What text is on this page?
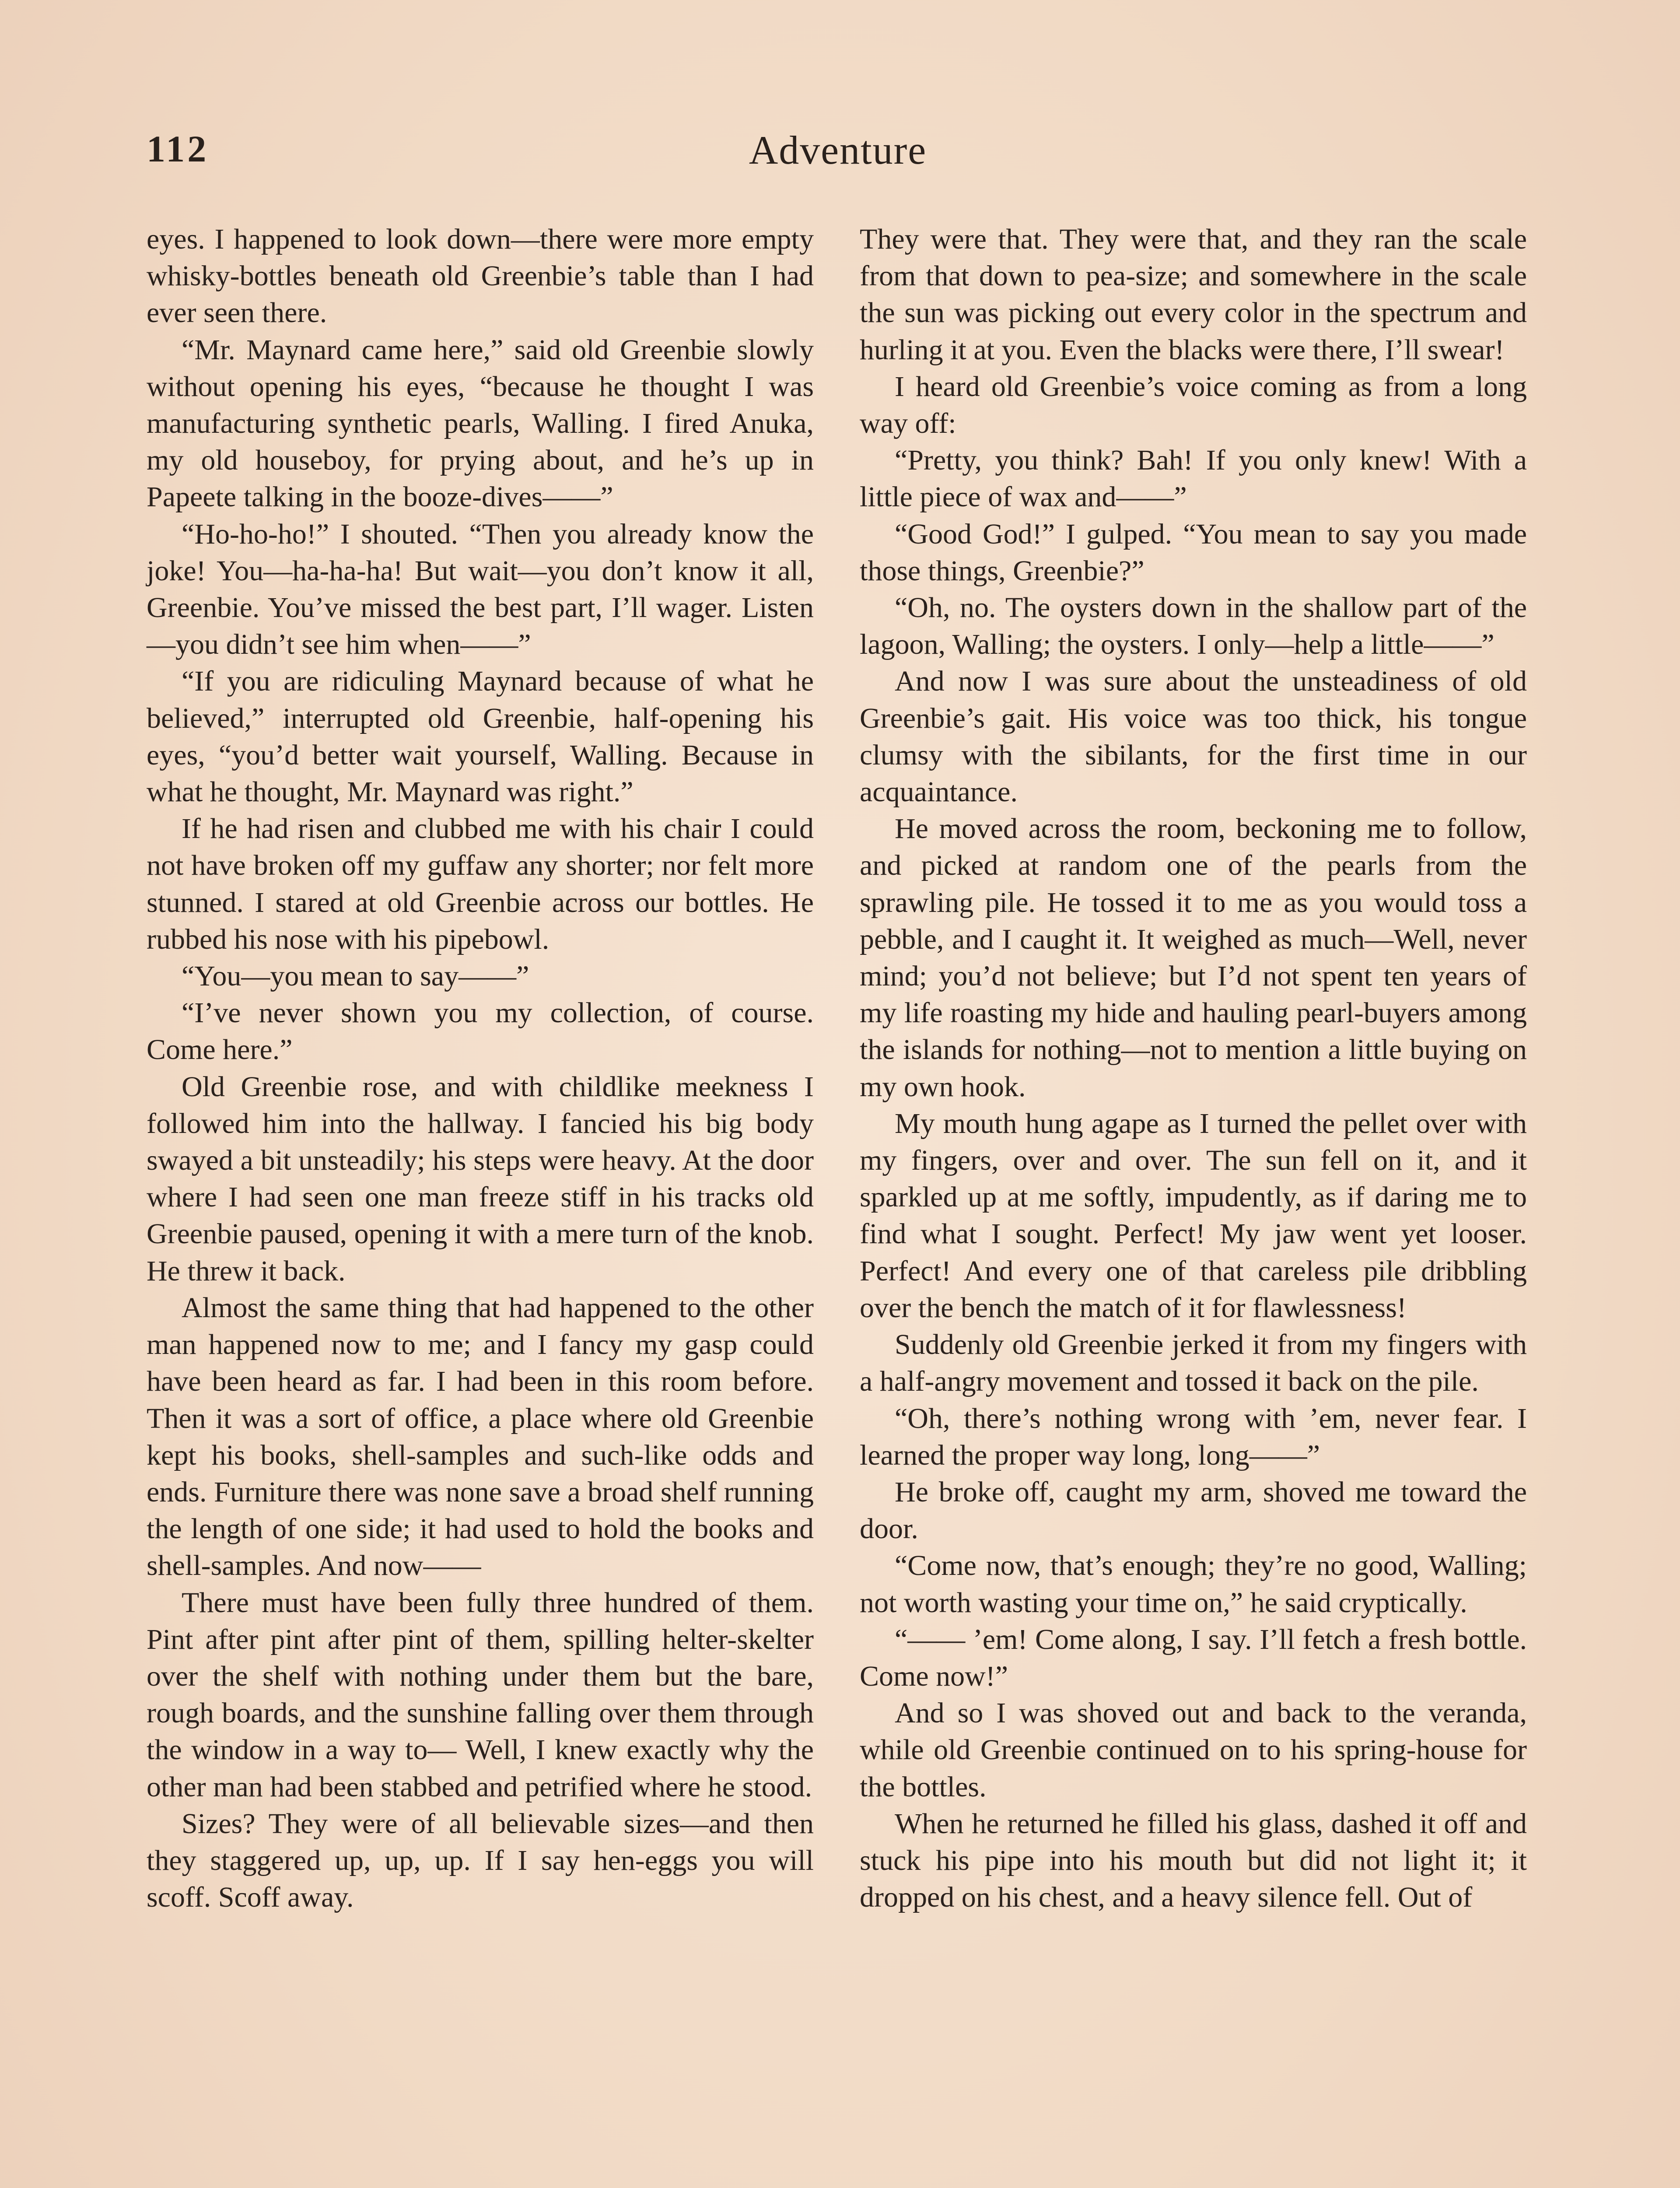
112	Adventure

eyes. I happened to look down—there were more empty whisky-bottles beneath old Greenbie’s table than I had ever seen there.

“Mr. Maynard came here,” said old Greenbie slowly without opening his eyes, “because he thought I was manufacturing synthetic pearls, Walling. I fired Anuka, my old houseboy, for prying about, and he’s up in Papeete talking in the booze-dives——”

“Ho-ho-ho!” I shouted. “Then you already know the joke! You—ha-ha-ha! But wait—you don’t know it all, Greenbie. You’ve missed the best part, I’ll wager. Listen—you didn’t see him when——”

“If you are ridiculing Maynard because of what he believed,” interrupted old Greenbie, half-opening his eyes, “you’d better wait yourself, Walling. Because in what he thought, Mr. Maynard was right.”

If he had risen and clubbed me with his chair I could not have broken off my guffaw any shorter; nor felt more stunned. I stared at old Greenbie across our bottles. He rubbed his nose with his pipebowl.

“You—you mean to say——”

“I’ve never shown you my collection, of course. Come here.”

Old Greenbie rose, and with childlike meekness I followed him into the hallway. I fancied his big body swayed a bit unsteadily; his steps were heavy. At the door where I had seen one man freeze stiff in his tracks old Greenbie paused, opening it with a mere turn of the knob. He threw it back.

Almost the same thing that had happened to the other man happened now to me; and I fancy my gasp could have been heard as far. I had been in this room before. Then it was a sort of office, a place where old Greenbie kept his books, shell-samples and such-like odds and ends. Furniture there was none save a broad shelf running the length of one side; it had used to hold the books and shell-samples. And now——

There must have been fully three hundred of them. Pint after pint after pint of them, spilling helter-skelter over the shelf with nothing under them but the bare, rough boards, and the sunshine falling over them through the window in a way to— Well, I knew exactly why the other man had been stabbed and petrified where he stood.

Sizes? They were of all believable sizes—and then they staggered up, up, up. If I say hen-eggs you will scoff. Scoff away.

They were that. They were that, and they ran the scale from that down to pea-size; and somewhere in the scale the sun was picking out every color in the spectrum and hurling it at you. Even the blacks were there, I’ll swear!

I heard old Greenbie’s voice coming as from a long way off:

“Pretty, you think? Bah! If you only knew! With a little piece of wax and——”

“Good God!” I gulped. “You mean to say you made those things, Greenbie?”

“Oh, no. The oysters down in the shallow part of the lagoon, Walling; the oysters. I only—help a little——”

And now I was sure about the unsteadiness of old Greenbie’s gait. His voice was too thick, his tongue clumsy with the sibilants, for the first time in our acquaintance.

He moved across the room, beckoning me to follow, and picked at random one of the pearls from the sprawling pile. He tossed it to me as you would toss a pebble, and I caught it. It weighed as much—Well, never mind; you’d not believe; but I’d not spent ten years of my life roasting my hide and hauling pearl-buyers among the islands for nothing—not to mention a little buying on my own hook.

My mouth hung agape as I turned the pellet over with my fingers, over and over. The sun fell on it, and it sparkled up at me softly, impudently, as if daring me to find what I sought. Perfect! My jaw went yet looser. Perfect! And every one of that careless pile dribbling over the bench the match of it for flawlessness!

Suddenly old Greenbie jerked it from my fingers with a half-angry movement and tossed it back on the pile.

“Oh, there’s nothing wrong with ’em, never fear. I learned the proper way long, long——”

He broke off, caught my arm, shoved me toward the door.

“Come now, that’s enough; they’re no good, Walling; not worth wasting your time on,” he said cryptically.

“—— ’em! Come along, I say. I’ll fetch a fresh bottle. Come now!”

And so I was shoved out and back to the veranda, while old Greenbie continued on to his spring-house for the bottles.

When he returned he filled his glass, dashed it off and stuck his pipe into his mouth but did not light it; it dropped on his chest, and a heavy silence fell. Out of
